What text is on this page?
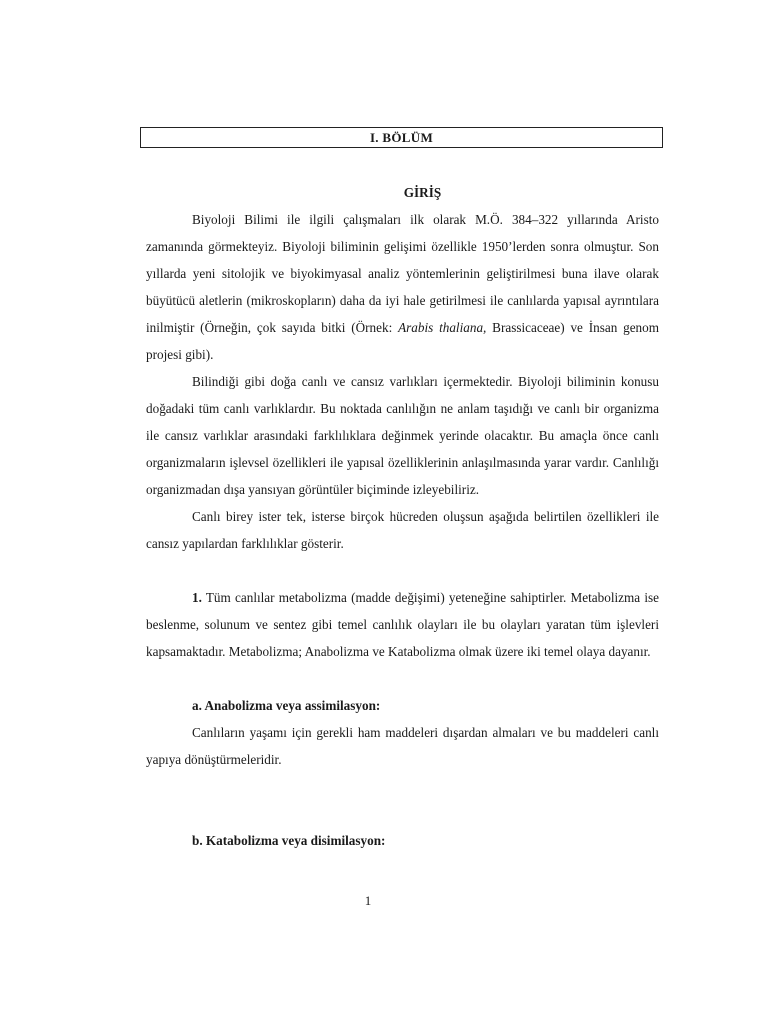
I. BÖLÜM
GİRİŞ

Biyoloji Bilimi ile ilgili çalışmaları ilk olarak M.Ö. 384–322 yıllarında Aristo zamanında görmekteyiz. Biyoloji biliminin gelişimi özellikle 1950’lerden sonra olmuştur. Son yıllarda yeni sitolojik ve biyokimyasal analiz yöntemlerinin geliştirilmesi buna ilave olarak büyütücü aletlerin (mikroskopların) daha da iyi hale getirilmesi ile canlılarda yapısal ayrıntılara inilmiştir (Örneğin, çok sayıda bitki (Örnek: Arabis thaliana, Brassicaceae) ve İnsan genom projesi gibi).

Bilindiği gibi doğa canlı ve cansız varlıkları içermektedir. Biyoloji biliminin konusu doğadaki tüm canlı varlıklardır. Bu noktada canlılığın ne anlam taşıdığı ve canlı bir organizma ile cansız varlıklar arasındaki farklılıklara değinmek yerinde olacaktır. Bu amaçla önce canlı organizmaların işlevsel özellikleri ile yapısal özelliklerinin anlaşılmasında yarar vardır. Canlılığı organizmadan dışa yansıyan görüntüler biçiminde izleyebiliriz.

Canlı birey ister tek, isterse birçok hücreden oluşsun aşağıda belirtilen özellikleri ile cansız yapılardan farklılıklar gösterir.

1. Tüm canlılar metabolizma (madde değişimi) yeteneğine sahiptirler. Metabolizma ise beslenme, solunum ve sentez gibi temel canlılık olayları ile bu olayları yaratan tüm işlevleri kapsamaktadır. Metabolizma; Anabolizma ve Katabolizma olmak üzere iki temel olaya dayanır.

a. Anabolizma veya assimilasyon:

Canlıların yaşamı için gerekli ham maddeleri dışardan almaları ve bu maddeleri canlı yapıya dönüştürmeleridir.

b. Katabolizma veya disimilasyon:
1
